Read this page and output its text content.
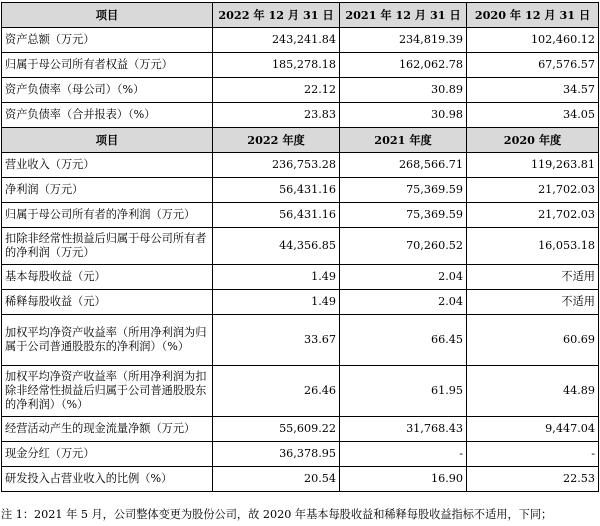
项目	2022 年 12 月 31 日	2021 年 12 月 31 日	2020 年 12 月 31 日
资产总额（万元）	243,241.84	234,819.39	102,460.12
归属于母公司所有者权益（万元）	185,278.18	162,062.78	67,576.57
资产负债率（母公司）（%）	22.12	30.89	34.57
资产负债率（合并报表）（%）	23.83	30.98	34.05
项目	2022 年度	2021 年度	2020 年度
营业收入（万元）	236,753.28	268,566.71	119,263.81
净利润（万元）	56,431.16	75,369.59	21,702.03
归属于母公司所有者的净利润（万元）	56,431.16	75,369.59	21,702.03
扣除非经常性损益后归属于母公司所有者的净利润（万元）	44,356.85	70,260.52	16,053.18
基本每股收益（元）	1.49	2.04	不适用
稀释每股收益（元）	1.49	2.04	不适用
加权平均净资产收益率（所用净利润为归属于公司普通股股东的净利润）（%）	33.67	66.45	60.69
加权平均净资产收益率（所用净利润为扣除非经常性损益后归属于公司普通股股东的净利润）（%）	26.46	61.95	44.89
经营活动产生的现金流量净额（万元）	55,609.22	31,768.43	9,447.04
现金分红（万元）	36,378.95	-	-
研发投入占营业收入的比例（%）	20.54	16.90	22.53
注 1：2021 年 5 月，公司整体变更为股份公司，故 2020 年基本每股收益和稀释每股收益指标不适用，下同；
